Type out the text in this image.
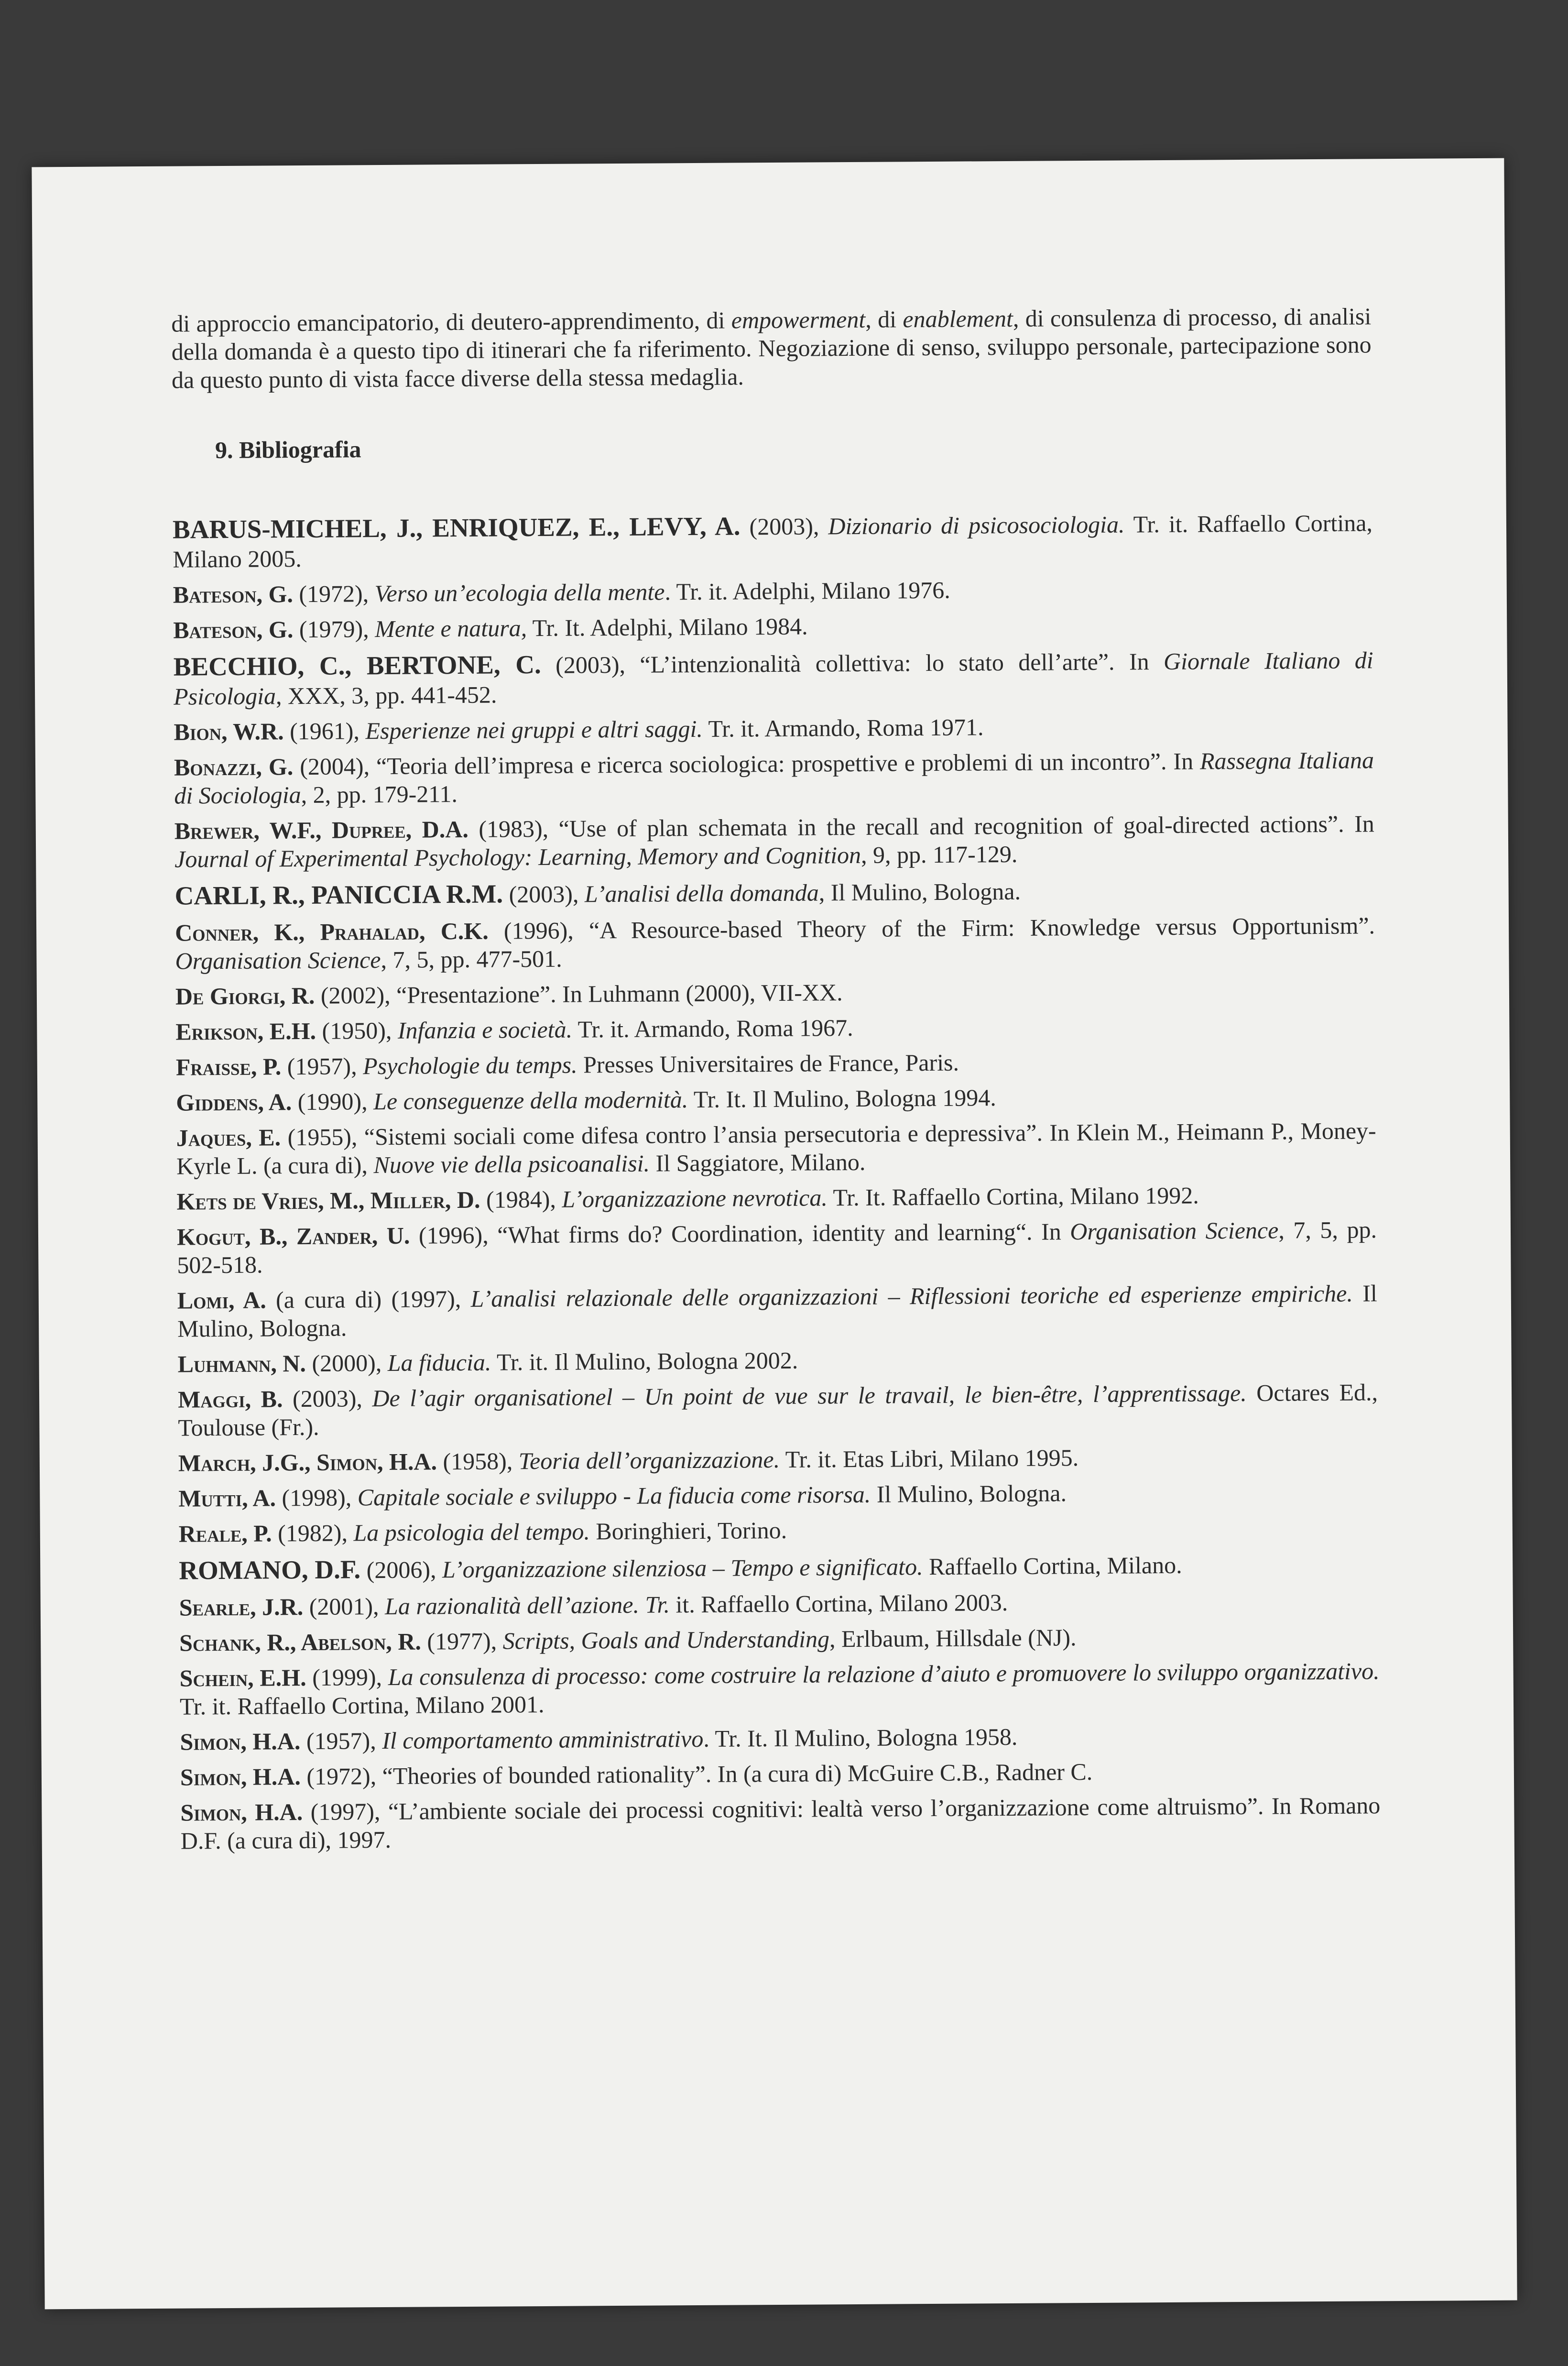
di approccio emancipatorio, di deutero-apprendimento, di empowerment, di enablement, di consulenza di processo, di analisi della domanda è a questo tipo di itinerari che fa riferimento. Negoziazione di senso, sviluppo personale, partecipazione sono da questo punto di vista facce diverse della stessa medaglia.

9. Bibliografia
BARUS-MICHEL, J., ENRIQUEZ, E., LEVY, A. (2003), Dizionario di psicosociologia. Tr. it. Raffaello Cortina, Milano 2005.
Bateson, G. (1972), Verso un’ecologia della mente. Tr. it. Adelphi, Milano 1976.
Bateson, G. (1979), Mente e natura, Tr. It. Adelphi, Milano 1984.
BECCHIO, C., BERTONE, C. (2003), “L’intenzionalità collettiva: lo stato dell’arte”. In Giornale Italiano di Psicologia, XXX, 3, pp. 441-452.
Bion, W.R. (1961), Esperienze nei gruppi e altri saggi. Tr. it. Armando, Roma 1971.
Bonazzi, G. (2004), “Teoria dell’impresa e ricerca sociologica: prospettive e problemi di un incontro”. In Rassegna Italiana di Sociologia, 2, pp. 179-211.
Brewer, W.F., Dupree, D.A. (1983), “Use of plan schemata in the recall and recognition of goal-directed actions”. In Journal of Experimental Psychology: Learning, Memory and Cognition, 9, pp. 117-129.
CARLI, R., PANICCIA R.M. (2003), L’analisi della domanda, Il Mulino, Bologna.
Conner, K., Prahalad, C.K. (1996), “A Resource-based Theory of the Firm: Knowledge versus Opportunism”. Organisation Science, 7, 5, pp. 477-501.
De Giorgi, R. (2002), “Presentazione”. In Luhmann (2000), VII-XX.
Erikson, E.H. (1950), Infanzia e società. Tr. it. Armando, Roma 1967.
Fraisse, P. (1957), Psychologie du temps. Presses Universitaires de France, Paris.
Giddens, A. (1990), Le conseguenze della modernità. Tr. It. Il Mulino, Bologna 1994.
Jaques, E. (1955), “Sistemi sociali come difesa contro l’ansia persecutoria e depressiva”. In Klein M., Heimann P., Money-Kyrle L. (a cura di), Nuove vie della psicoanalisi. Il Saggiatore, Milano.
Kets de Vries, M., Miller, D. (1984), L’organizzazione nevrotica. Tr. It. Raffaello Cortina, Milano 1992.
Kogut, B., Zander, U. (1996), “What firms do? Coordination, identity and learning“. In Organisation Science, 7, 5, pp. 502-518.
Lomi, A. (a cura di) (1997), L’analisi relazionale delle organizzazioni – Riflessioni teoriche ed esperienze empiriche. Il Mulino, Bologna.
Luhmann, N. (2000), La fiducia. Tr. it. Il Mulino, Bologna 2002.
Maggi, B. (2003), De l’agir organisationel – Un point de vue sur le travail, le bien-être, l’apprentissage. Octares Ed., Toulouse (Fr.).
March, J.G., Simon, H.A. (1958), Teoria dell’organizzazione. Tr. it. Etas Libri, Milano 1995.
Mutti, A. (1998), Capitale sociale e sviluppo - La fiducia come risorsa. Il Mulino, Bologna.
Reale, P. (1982), La psicologia del tempo. Boringhieri, Torino.
ROMANO, D.F. (2006), L’organizzazione silenziosa – Tempo e significato. Raffaello Cortina, Milano.
Searle, J.R. (2001), La razionalità dell’azione. Tr. it. Raffaello Cortina, Milano 2003.
Schank, R., Abelson, R. (1977), Scripts, Goals and Understanding, Erlbaum, Hillsdale (NJ).
Schein, E.H. (1999), La consulenza di processo: come costruire la relazione d’aiuto e promuovere lo sviluppo organizzativo. Tr. it. Raffaello Cortina, Milano 2001.
Simon, H.A. (1957), Il comportamento amministrativo. Tr. It. Il Mulino, Bologna 1958.
Simon, H.A. (1972), “Theories of bounded rationality”. In (a cura di) McGuire C.B., Radner C.
Simon, H.A. (1997), “L’ambiente sociale dei processi cognitivi: lealtà verso l’organizzazione come altruismo”. In Romano D.F. (a cura di), 1997.
